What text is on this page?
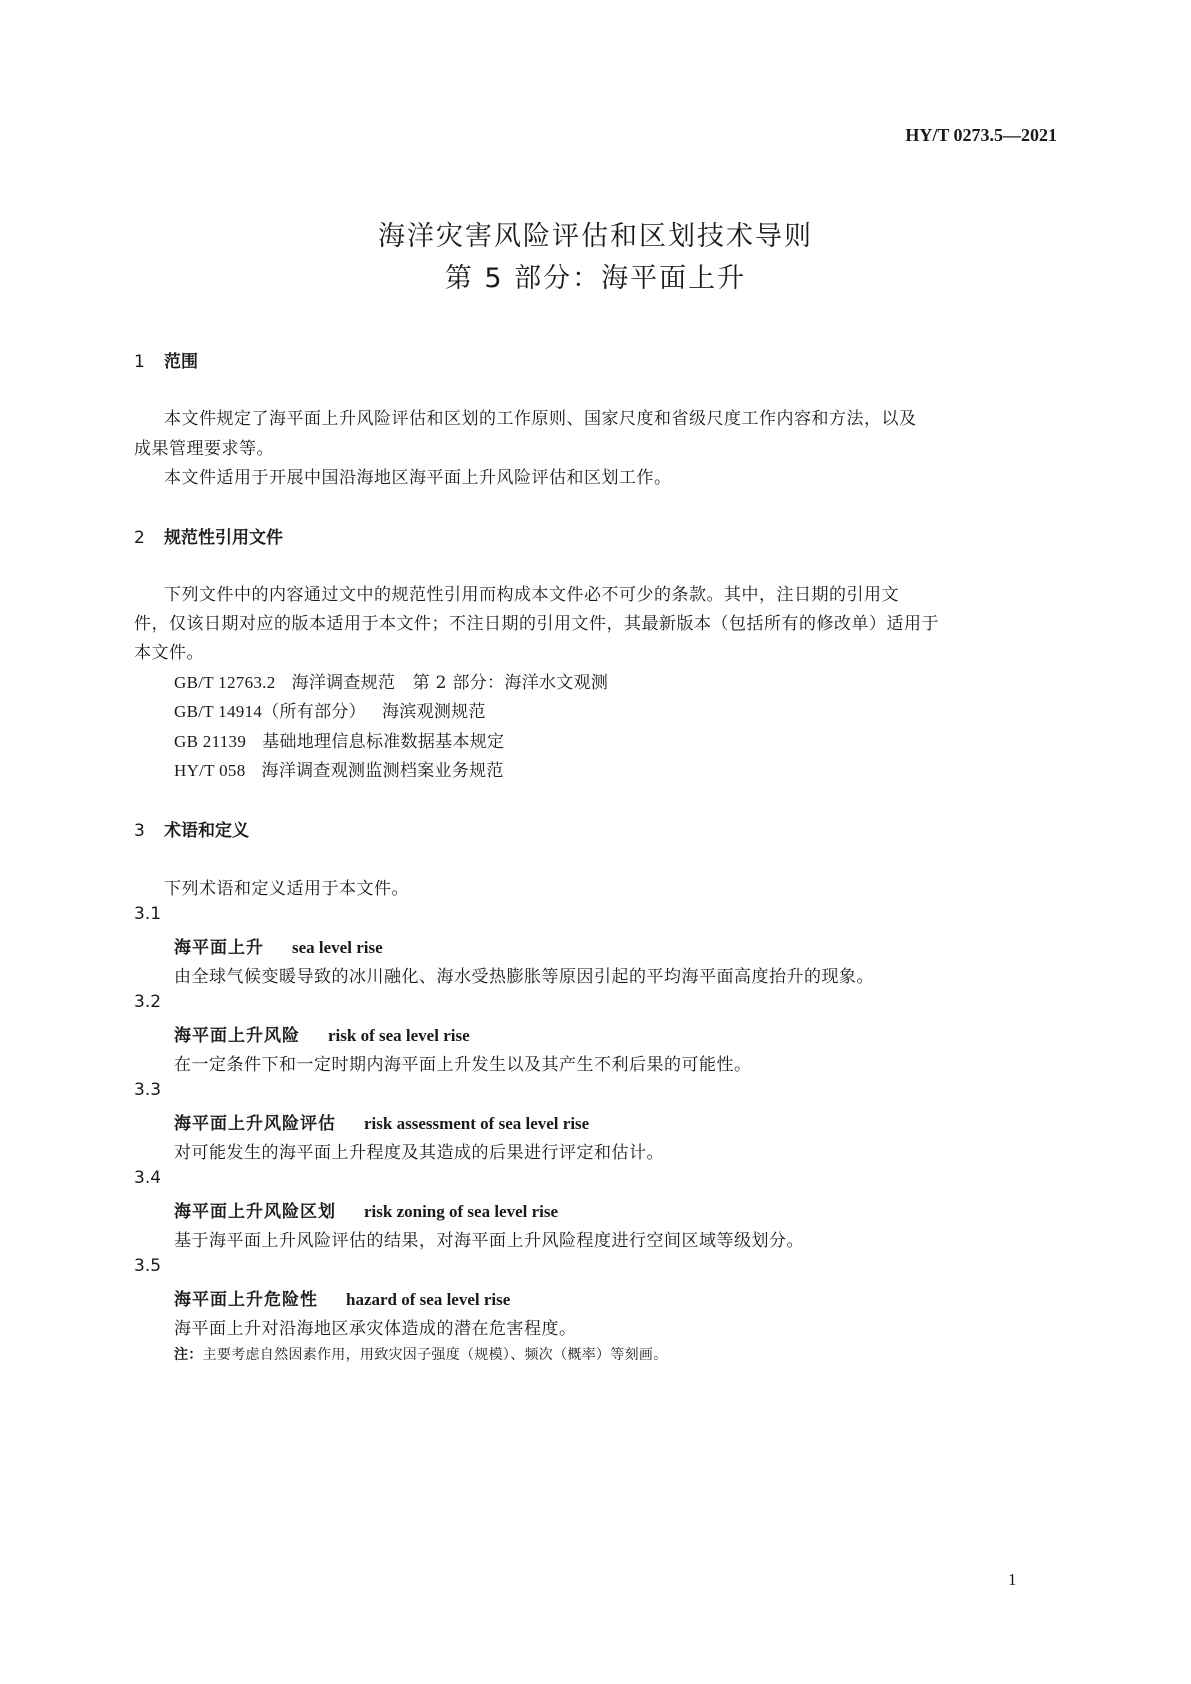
HY/T 0273.5—2021
海洋灾害风险评估和区划技术导则
第 5 部分：海平面上升
1 范围
本文件规定了海平面上升风险评估和区划的工作原则、国家尺度和省级尺度工作内容和方法，以及
成果管理要求等。
本文件适用于开展中国沿海地区海平面上升风险评估和区划工作。
2 规范性引用文件
下列文件中的内容通过文中的规范性引用而构成本文件必不可少的条款。其中，注日期的引用文
件，仅该日期对应的版本适用于本文件；不注日期的引用文件，其最新版本（包括所有的修改单）适用于
本文件。
GB/T 12763.2 海洋调查规范　第 2 部分：海洋水文观测
GB/T 14914（所有部分） 海滨观测规范
GB 21139 基础地理信息标准数据基本规定
HY/T 058 海洋调查观测监测档案业务规范
3 术语和定义
下列术语和定义适用于本文件。
3.1
海平面上升 sea level rise
由全球气候变暖导致的冰川融化、海水受热膨胀等原因引起的平均海平面高度抬升的现象。
3.2
海平面上升风险 risk of sea level rise
在一定条件下和一定时期内海平面上升发生以及其产生不利后果的可能性。
3.3
海平面上升风险评估 risk assessment of sea level rise
对可能发生的海平面上升程度及其造成的后果进行评定和估计。
3.4
海平面上升风险区划 risk zoning of sea level rise
基于海平面上升风险评估的结果，对海平面上升风险程度进行空间区域等级划分。
3.5
海平面上升危险性 hazard of sea level rise
海平面上升对沿海地区承灾体造成的潜在危害程度。
注：主要考虑自然因素作用，用致灾因子强度（规模）、频次（概率）等刻画。
1
